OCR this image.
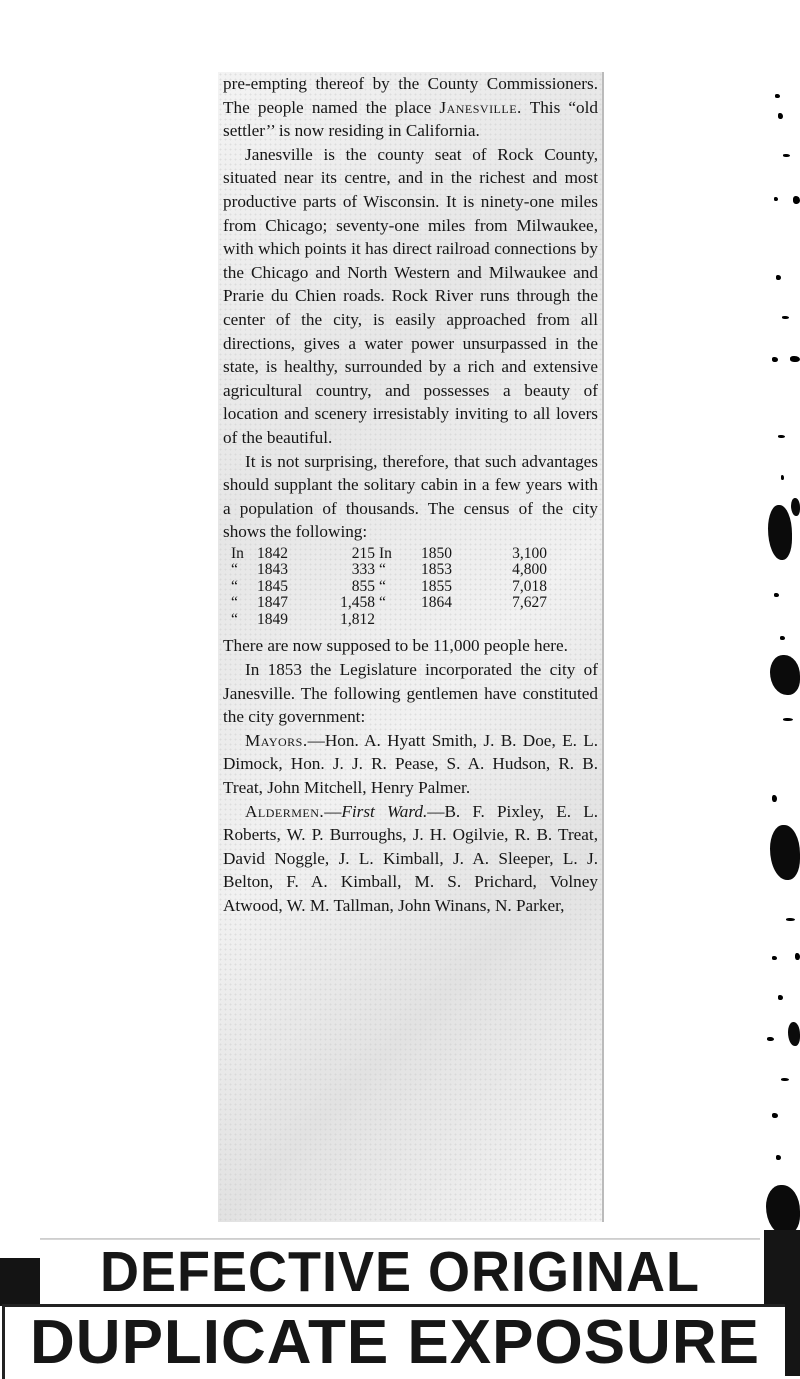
pre-empting thereof by the County Commissioners. The people named the place Janesville. This “old settler’’ is now residing in California.

Janesville is the county seat of Rock County, situated near its centre, and in the richest and most productive parts of Wisconsin. It is ninety-one miles from Chicago; seventy-one miles from Milwaukee, with which points it has direct railroad connections by the Chicago and North Western and Milwaukee and Prarie du Chien roads. Rock River runs through the center of the city, is easily approached from all directions, gives a water power unsurpassed in the state, is healthy, surrounded by a rich and extensive agricultural country, and possesses a beauty of location and scenery irresistably inviting to all lovers of the beautiful.

It is not surprising, therefore, that such advantages should supplant the solitary cabin in a few years with a population of thousands. The census of the city shows the following:

In 1842	215 In	1850	3,100
“	1843	333 “	1853	4,800
“	1845	855 “	1855	7,018
“	1847	1,458 “	1864	7,627
“	1849	1,812

There are now supposed to be 11,000 people here.

In 1853 the Legislature incorporated the city of Janesville. The following gentlemen have constituted the city government:

Mayors.—Hon. A. Hyatt Smith, J. B. Doe, E. L. Dimock, Hon. J. J. R. Pease, S. A. Hudson, R. B. Treat, John Mitchell, Henry Palmer.

Aldermen.—First Ward.—B. F. Pixley, E. L. Roberts, W. P. Burroughs, J. H. Ogilvie, R. B. Treat, David Noggle, J. L. Kimball, J. A. Sleeper, L. J. Belton, F. A. Kimball, M. S. Prichard, Volney Atwood, W. M. Tallman, John Winans, N. Parker,

DEFECTIVE ORIGINAL
DUPLICATE EXPOSURE
